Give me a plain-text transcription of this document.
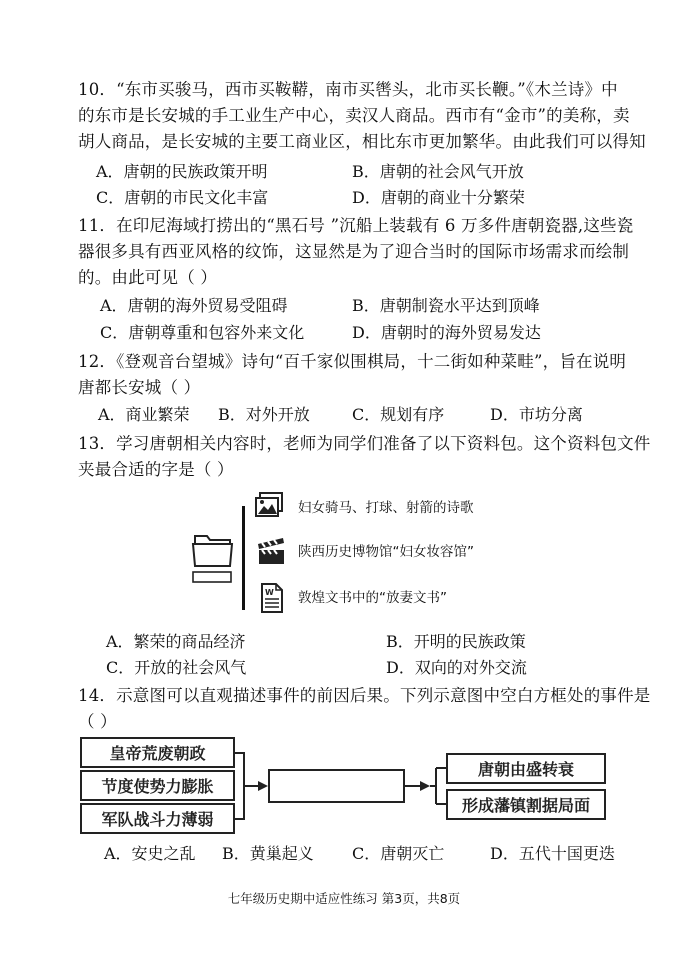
10．“东市买骏马，西市买鞍鞯，南市买辔头，北市买长鞭。”《木兰诗》中
的东市是长安城的手工业生产中心，卖汉人商品。西市有“金市”的美称，卖
胡人商品，是长安城的主要工商业区，相比东市更加繁华。由此我们可以得知
A．唐朝的民族政策开明	B．唐朝的社会风气开放
C．唐朝的市民文化丰富	D．唐朝的商业十分繁荣
11．在印尼海域打捞出的“黑石号 ”沉船上装载有 6 万多件唐朝瓷器,这些瓷
器很多具有西亚风格的纹饰，这显然是为了迎合当时的国际市场需求而绘制
的。由此可见（ ）
A．唐朝的海外贸易受阻碍	B．唐朝制瓷水平达到顶峰
C．唐朝尊重和包容外来文化	D．唐朝时的海外贸易发达
12．《登观音台望城》诗句“百千家似围棋局，十二街如种菜畦”，旨在说明
唐都长安城（ ）
A．商业繁荣 B．对外开放	C．规划有序	D．市坊分离
13．学习唐朝相关内容时，老师为同学们准备了以下资料包。这个资料包文件
夹最合适的字是（ ）
妇女骑马、打球、射箭的诗歌
陕西历史博物馆“妇女妆容馆”
W 敦煌文书中的“放妻文书”
A．繁荣的商品经济	B．开明的民族政策
C．开放的社会风气	D．双向的对外交流
14．示意图可以直观描述事件的前因后果。下列示意图中空白方框处的事件是
（ ）
皇帝荒废朝政
节度使势力膨胀
军队战斗力薄弱
唐朝由盛转衰
形成藩镇割据局面
A．安史之乱 B．黄巢起义 C．唐朝灭亡	D．五代十国更迭
七年级历史期中适应性练习 第3页，共8页
